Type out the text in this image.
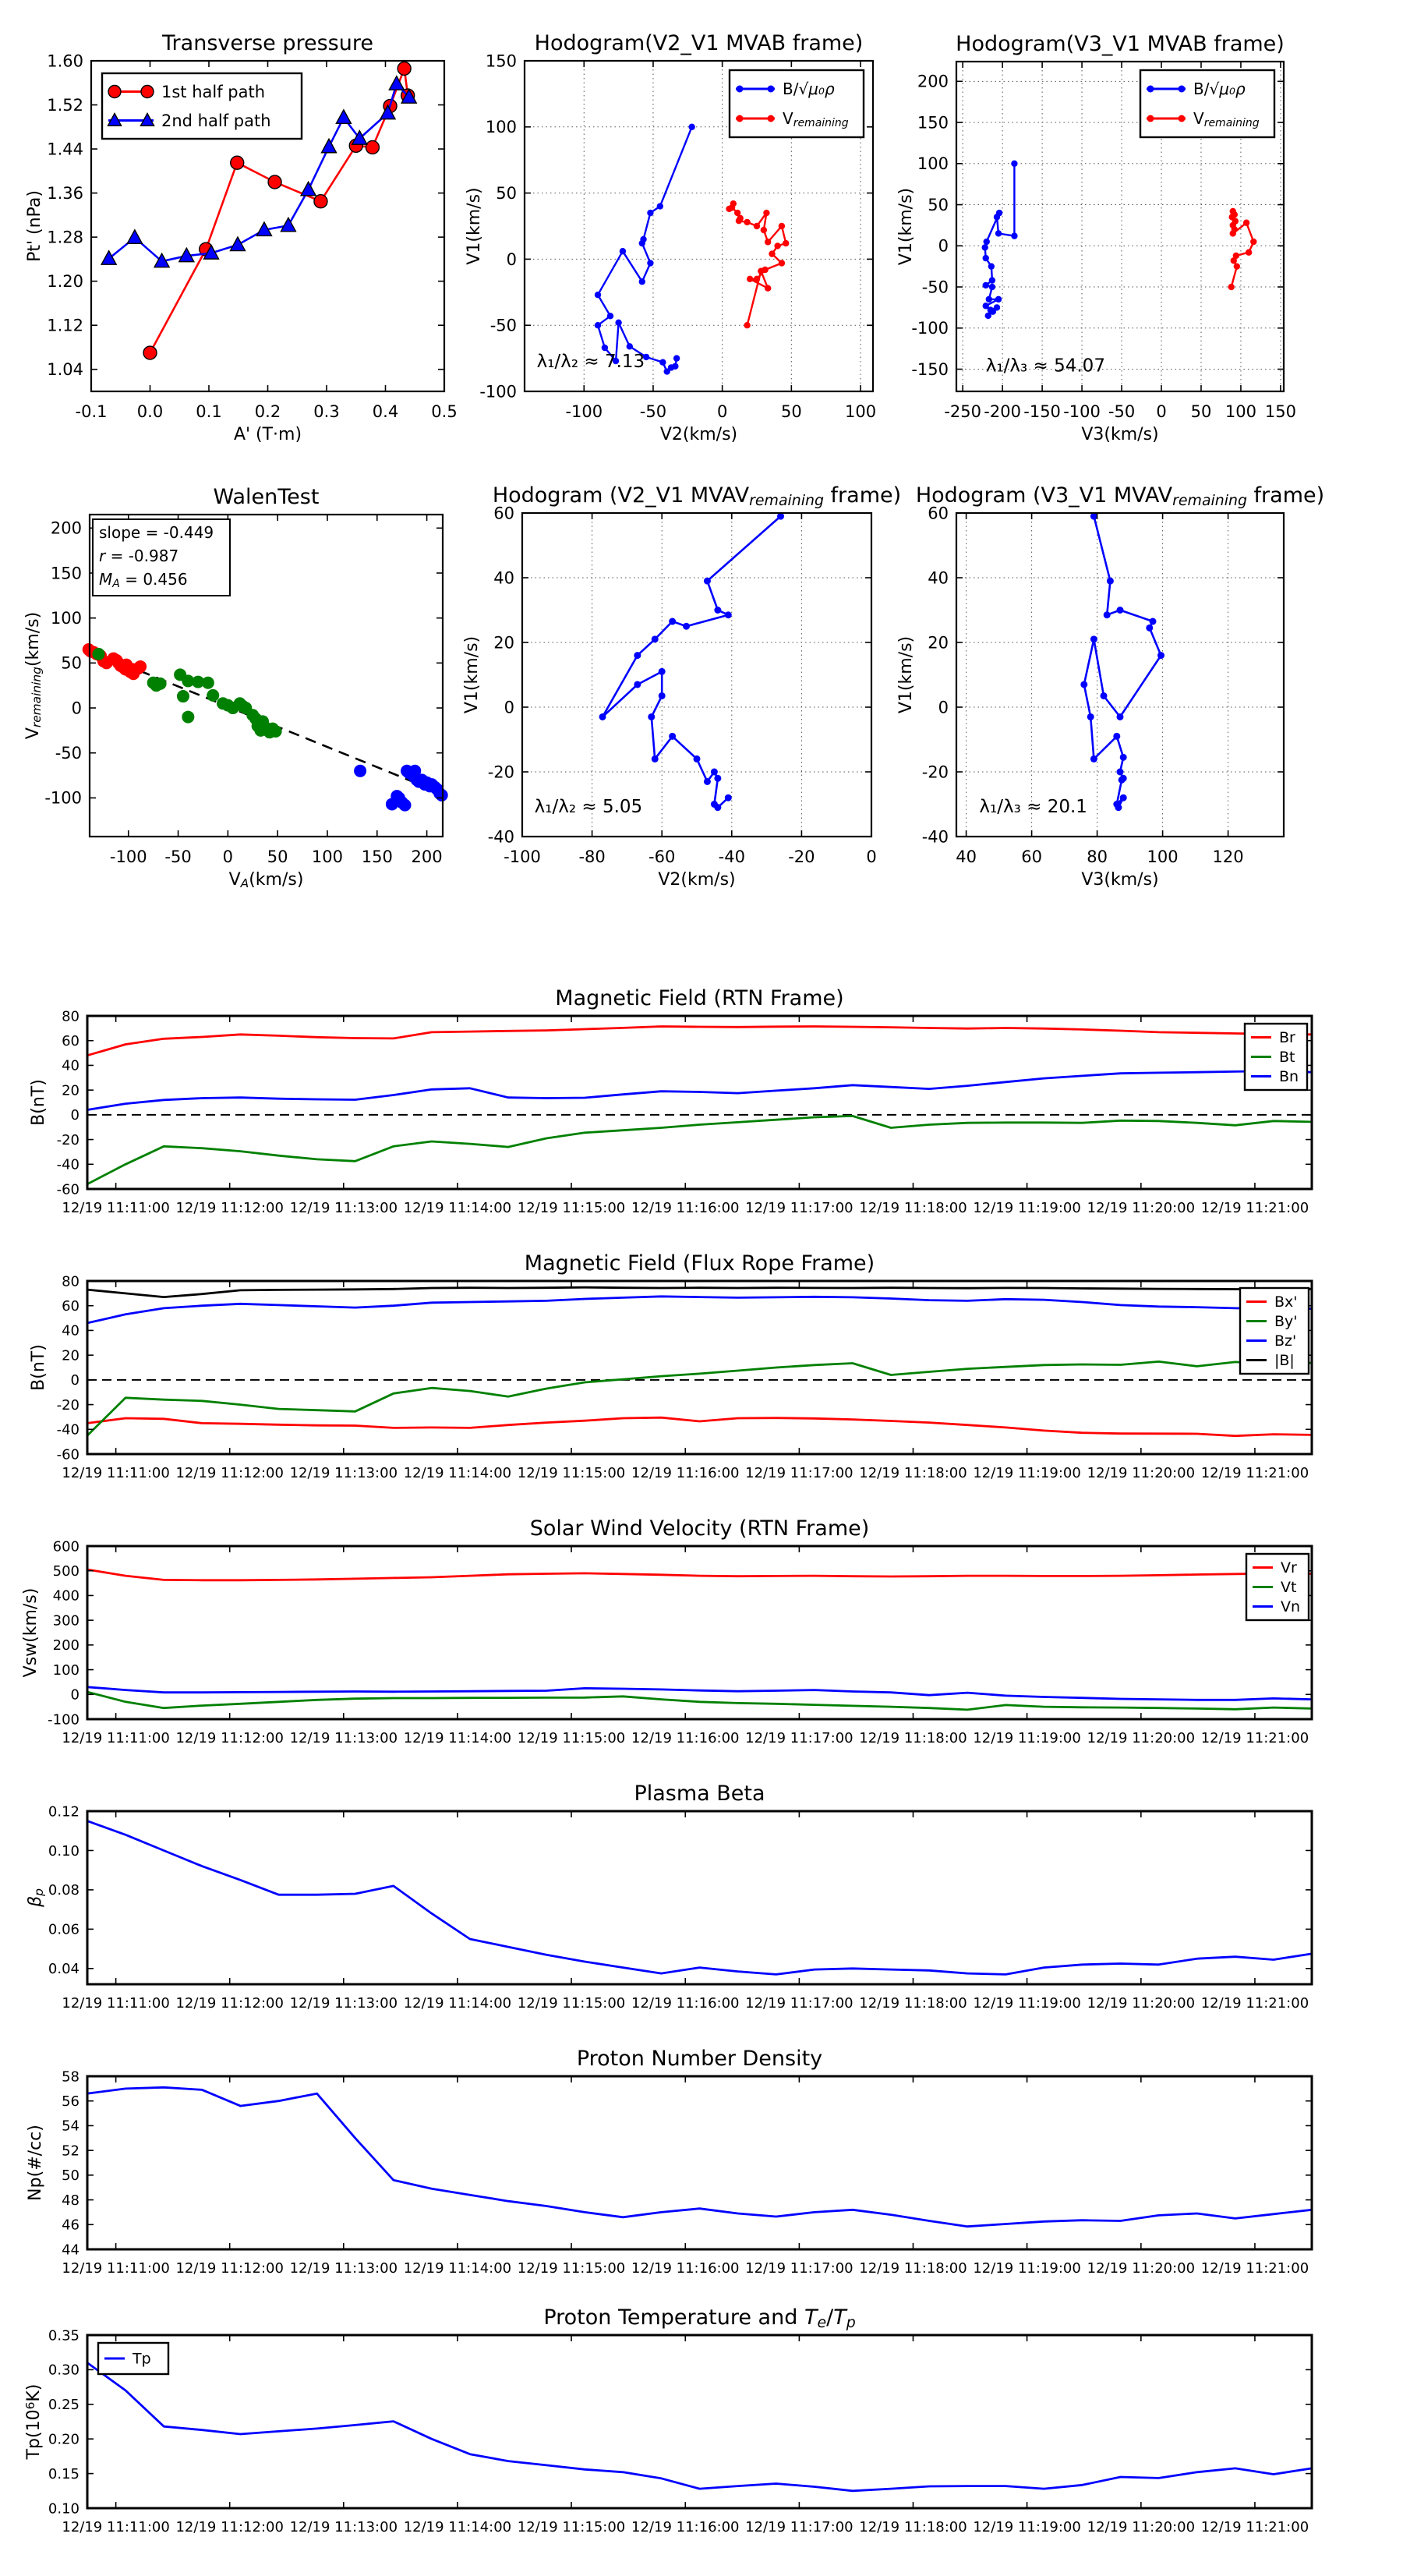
-0.1 0.0 0.1 0.2 0.3 0.4 0.5
1.04
1.12
1.20
1.28
1.36
1.44
1.52
1.60
Transverse pressure
A' (T·m)
Pt' (nPa)
1st half path
2nd half path
-100 -50	0	50	100
-100
-50
0
50
100
150
Hodogram(V2_V1 MVAB frame)
V2(km/s)
V1(km/s)
λ₁/λ₂ ≈ 7.13
B/√μ₀ρ
Vremaining
-250 -200 -150 -100 -50 0 50 100 150
-150
-100
-50
0
50
100
150
200
Hodogram(V3_V1 MVAB frame)
V3(km/s)
V1(km/s)
λ₁/λ₃ ≈ 54.07
B/√μ₀ρ
Vremaining
-100 -50 0 50 100 150 200
-100
-50
0
50
100
150
200
WalenTest
VA(km/s)
Vremaining(km/s)
slope = -0.449
r = -0.987
MA = 0.456
-100 -80	-60	-40	-20	0
-40
-20
0
20
40
60
Hodogram (V2_V1 MVAVremaining frame)
V2(km/s)
V1(km/s)
λ₁/λ₂ ≈ 5.05
40	60	80 100 120
-40
-20
0
20
40
60
Hodogram (V3_V1 MVAVremaining frame)
V3(km/s)
V1(km/s)
λ₁/λ₃ ≈ 20.1
12/19 11:11:00 12/19 11:12:00 12/19 11:13:00 12/19 11:14:00 12/19 11:15:00 12/19 11:16:00 12/19 11:17:00 12/19 11:18:00 12/19 11:19:00 12/19 11:20:00 12/19 11:21:00
-60
-40
-20
0
20
40
60
80
Magnetic Field (RTN Frame)
B(nT)
Br
Bt
Bn
12/19 11:11:00 12/19 11:12:00 12/19 11:13:00 12/19 11:14:00 12/19 11:15:00 12/19 11:16:00 12/19 11:17:00 12/19 11:18:00 12/19 11:19:00 12/19 11:20:00 12/19 11:21:00
-60
-40
-20
0
20
40
60
80
Magnetic Field (Flux Rope Frame)
B(nT)
Bx'
By'
Bz'
|B|
12/19 11:11:00 12/19 11:12:00 12/19 11:13:00 12/19 11:14:00 12/19 11:15:00 12/19 11:16:00 12/19 11:17:00 12/19 11:18:00 12/19 11:19:00 12/19 11:20:00 12/19 11:21:00
-100
0
100
200
300
400
500
600
Solar Wind Velocity (RTN Frame)
Vsw(km/s)
Vr
Vt
Vn
12/19 11:11:00 12/19 11:12:00 12/19 11:13:00 12/19 11:14:00 12/19 11:15:00 12/19 11:16:00 12/19 11:17:00 12/19 11:18:00 12/19 11:19:00 12/19 11:20:00 12/19 11:21:00
0.04
0.06
0.08
0.10
0.12
Plasma Beta
βp
12/19 11:11:00 12/19 11:12:00 12/19 11:13:00 12/19 11:14:00 12/19 11:15:00 12/19 11:16:00 12/19 11:17:00 12/19 11:18:00 12/19 11:19:00 12/19 11:20:00 12/19 11:21:00
44
46
48
50
52
54
56
58
Proton Number Density
Np(#/cc)
12/19 11:11:00 12/19 11:12:00 12/19 11:13:00 12/19 11:14:00 12/19 11:15:00 12/19 11:16:00 12/19 11:17:00 12/19 11:18:00 12/19 11:19:00 12/19 11:20:00 12/19 11:21:00
0.10
0.15
0.20
0.25
0.30
0.35
Proton Temperature and Te/Tp
Tp(106K)
Tp
